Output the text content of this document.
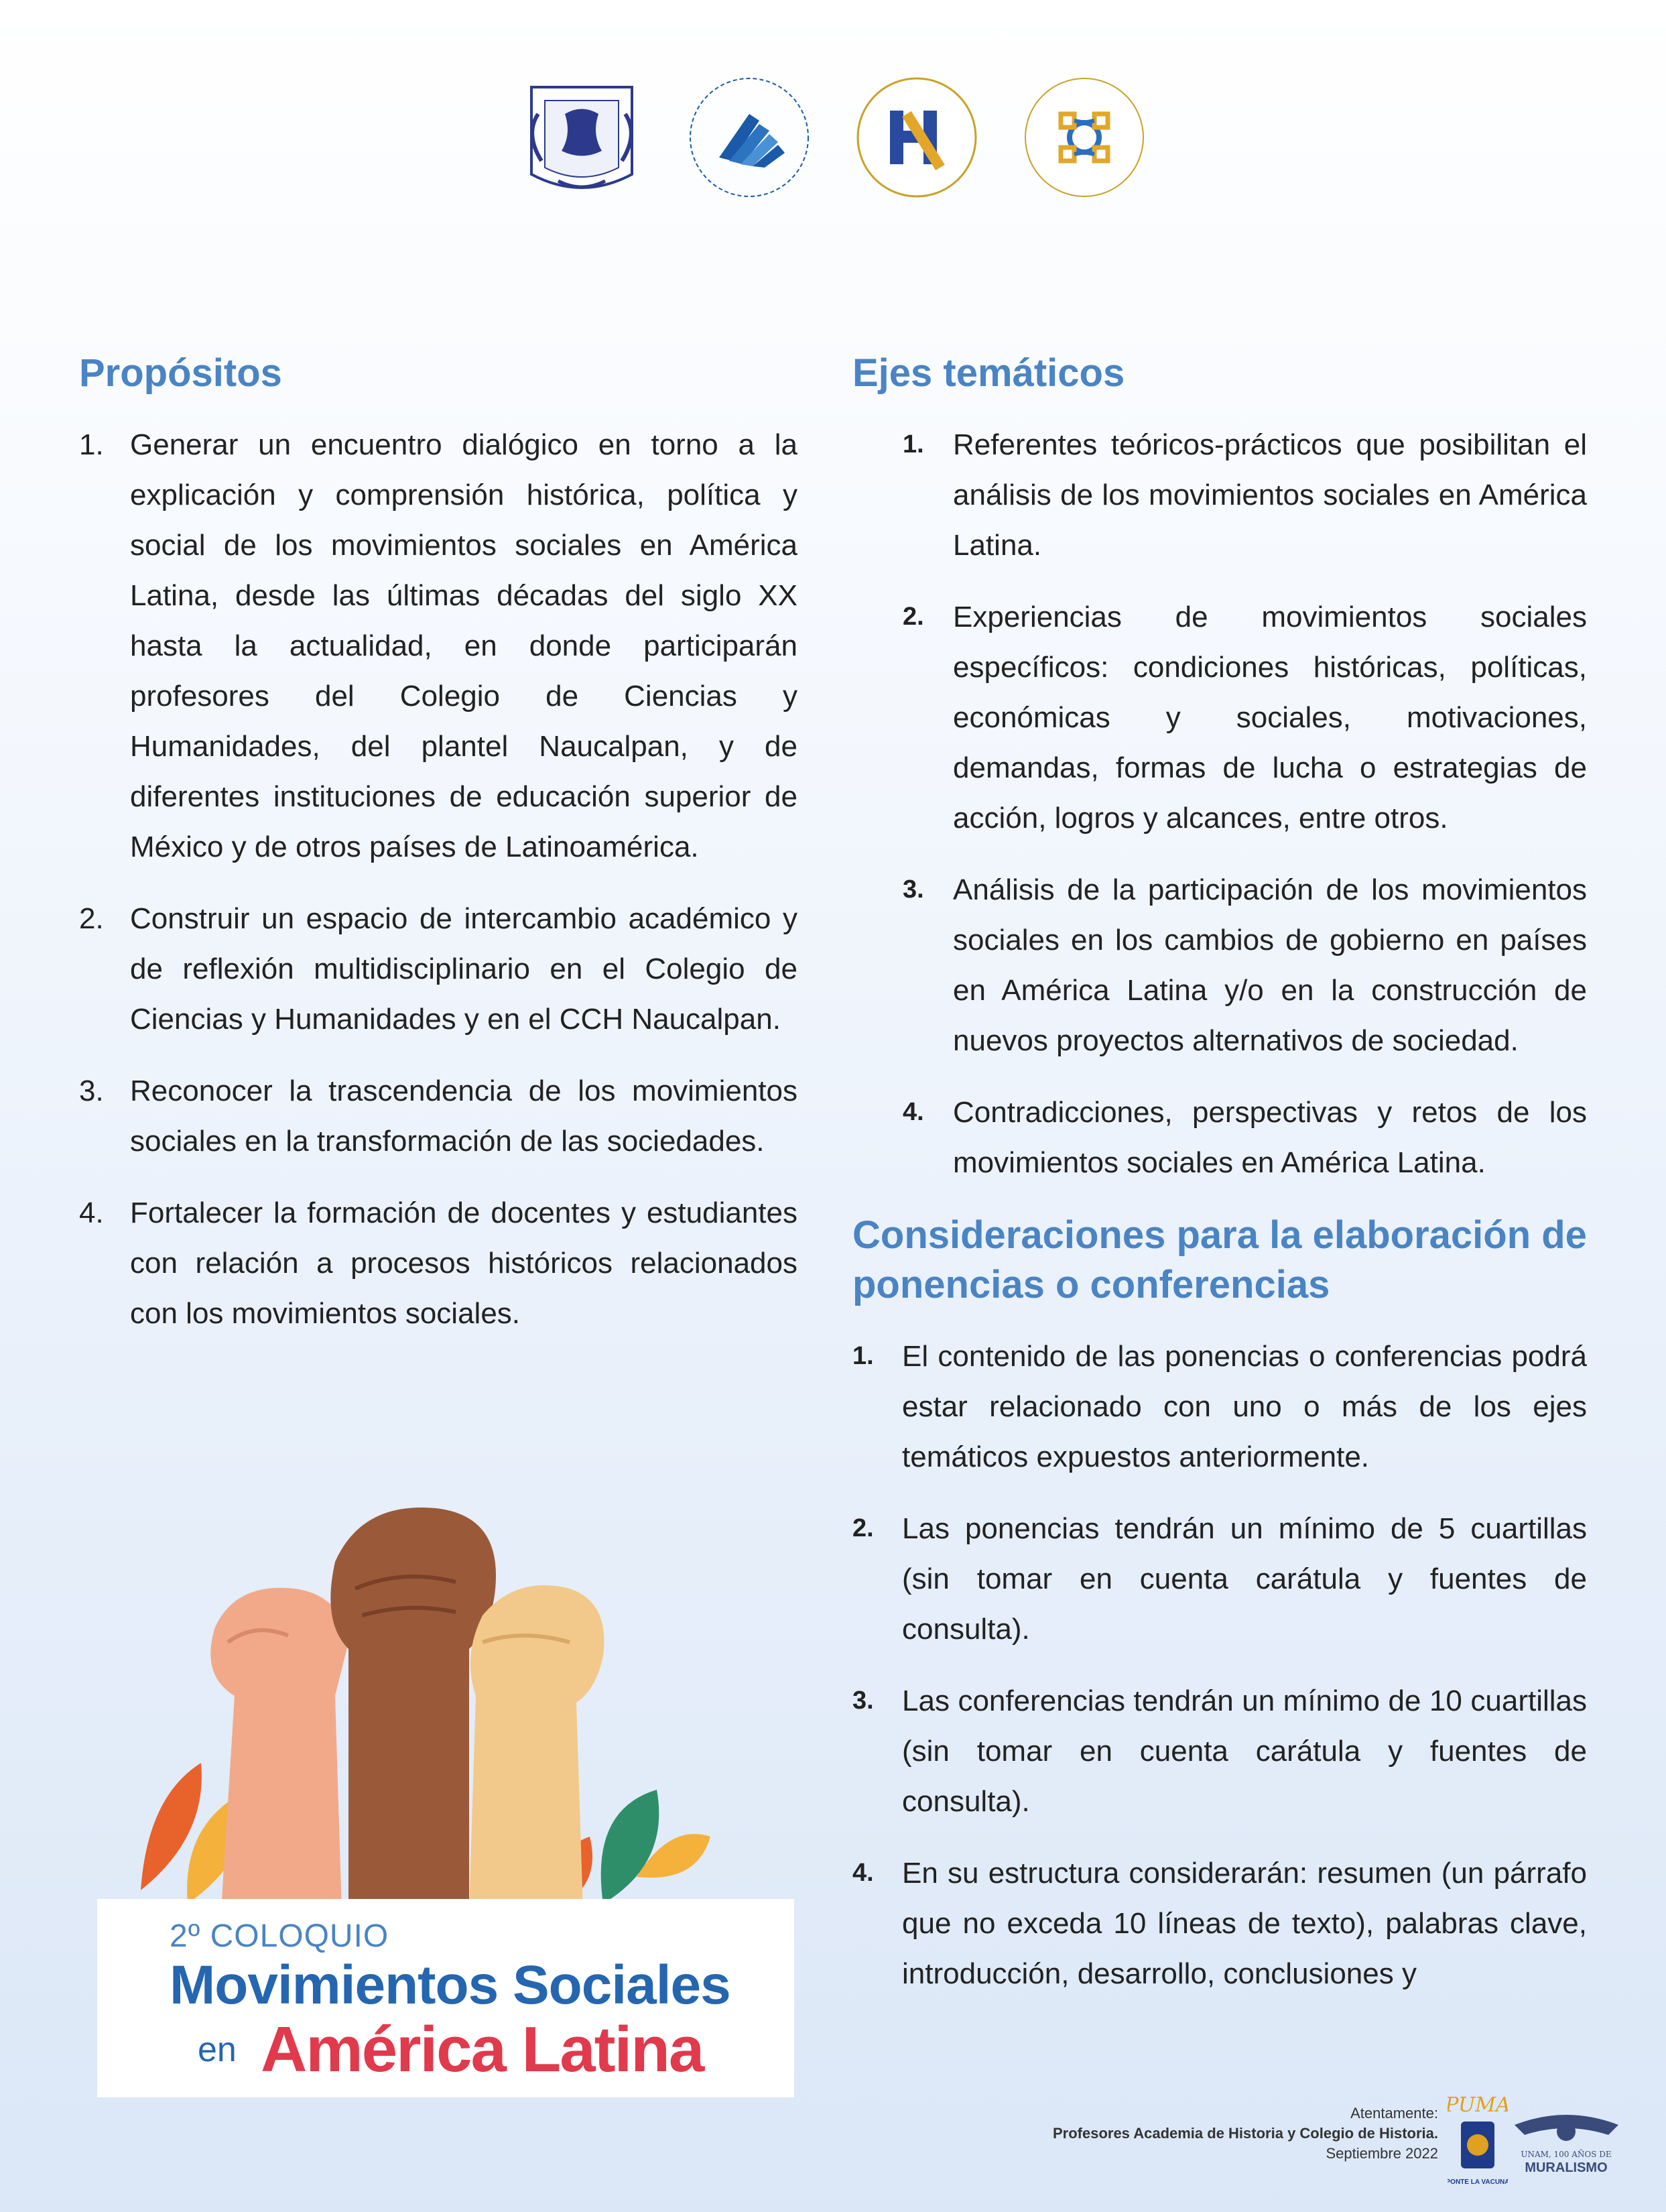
Propósitos
1. Generar un encuentro dialógico en torno a la explicación y comprensión histórica, política y social de los movimientos sociales en América Latina, desde las últimas décadas del siglo XX hasta la actualidad, en donde participarán profesores del Colegio de Ciencias y Humanidades, del plantel Naucalpan, y de diferentes instituciones de educación superior de México y de otros países de Latinoamérica.
2. Construir un espacio de intercambio académico y de reflexión multidisciplinario en el Colegio de Ciencias y Humanidades y en el CCH Naucalpan.
3. Reconocer la trascendencia de los movimientos sociales en la transformación de las sociedades.
4. Fortalecer la formación de docentes y estudiantes con relación a procesos históricos relacionados con los movimientos sociales.
Ejes temáticos
1. Referentes teóricos-prácticos que posibilitan el análisis de los movimientos sociales en América Latina.
2. Experiencias de movimientos sociales específicos: condiciones históricas, políticas, económicas y sociales, motivaciones, demandas, formas de lucha o estrategias de acción, logros y alcances, entre otros.
3. Análisis de la participación de los movimientos sociales en los cambios de gobierno en países en América Latina y/o en la construcción de nuevos proyectos alternativos de sociedad.
4. Contradicciones, perspectivas y retos de los movimientos sociales en América Latina.
Consideraciones para la elaboración de ponencias o conferencias
1. El contenido de las ponencias o conferencias podrá estar relacionado con uno o más de los ejes temáticos expuestos anteriormente.
2. Las ponencias tendrán un mínimo de 5 cuartillas (sin tomar en cuenta carátula y fuentes de consulta).
3. Las conferencias tendrán un mínimo de 10 cuartillas (sin tomar en cuenta carátula y fuentes de consulta).
4. En su estructura considerarán: resumen (un párrafo que no exceda 10 líneas de texto), palabras clave, introducción, desarrollo, conclusiones y
2º COLOQUIO
Movimientos Sociales
en América Latina
Atentamente:
Profesores Academia de Historia y Colegio de Historia.
Septiembre 2022
PUMA
PONTE LA VACUNA
UNAM, 100 AÑOS DE
MURALISMO
